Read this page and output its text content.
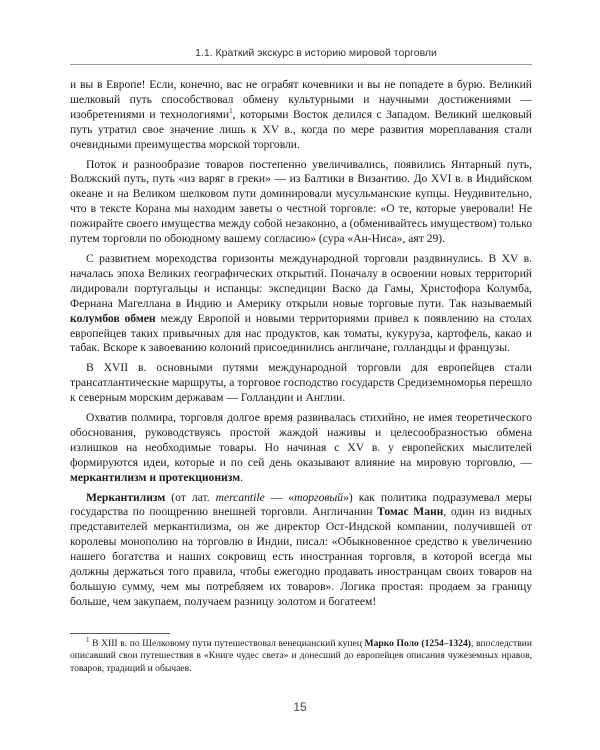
1.1. Краткий экскурс в историю мировой торговли

и вы в Европе! Если, конечно, вас не ограбят кочевники и вы не попадете в бурю. Великий шелковый путь способствовал обмену культурными и научными достижениями — изобретениями и технологиями$^1$, которыми Восток делился с Западом. Великий шелковый путь утратил свое значение лишь к XV в., когда по мере развития мореплавания стали очевидными преимущества морской торговли.

Поток и разнообразие товаров постепенно увеличивались, появились Янтарный путь, Волжский путь, путь «из варяг в греки» — из Балтики в Византию. До XVI в. в Индийском океане и на Великом шелковом пути доминировали мусульманские купцы. Неудивительно, что в тексте Корана мы находим заветы о честной торговле: «О те, которые уверовали! Не пожирайте своего имущества между собой незаконно, а (обменивайтесь имуществом) только путем торговли по обоюдному вашему согласию» (сура «Ан-Ниса», аят 29).

С развитием мореходства горизонты международной торговли раздвинулись. В XV в. началась эпоха Великих географических открытий. Поначалу в освоении новых территорий лидировали португальцы и испанцы: экспедиции Васко да Гамы, Христофора Колумба, Фернана Магеллана в Индию и Америку открыли новые торговые пути. Так называемый колумбов обмен между Европой и новыми территориями привел к появлению на столах европейцев таких привычных для нас продуктов, как томаты, кукуруза, картофель, какао и табак. Вскоре к завоеванию колоний присоединились англичане, голландцы и французы.

В XVII в. основными путями международной торговли для европейцев стали трансатлантические маршруты, а торговое господство государств Средиземноморья перешло к северным морским державам — Голландии и Англии.

Охватив полмира, торговля долгое время развивалась стихийно, не имея теоретического обоснования, руководствуясь простой жаждой наживы и целесообразностью обмена излишков на необходимые товары. Но начиная с XV в. у европейских мыслителей формируются идеи, которые и по сей день оказывают влияние на мировую торговлю, — меркантилизм и протекционизм.

Меркантилизм (от лат. mercantile — «торговый») как политика подразумевал меры государства по поощрению внешней торговли. Англичанин Томас Манн, один из видных представителей меркантилизма, он же директор Ост-Индской компании, получившей от королевы монополию на торговлю в Индии, писал: «Обыкновенное средство к увеличению нашего богатства и наших сокровищ есть иностранная торговля, в которой всегда мы должны держаться того правила, чтобы ежегодно продавать иностранцам своих товаров на большую сумму, чем мы потребляем их товаров». Логика простая: продаем за границу больше, чем закупаем, получаем разницу золотом и богатеем!

$^1$ В XIII в. по Шелковому пути путешествовал венецианский купец Марко Поло (1254–1324), впоследствии описавший свои путешествия в «Книге чудес света» и донесший до европейцев описания чужеземных нравов, товаров, традиций и обычаев.
15
